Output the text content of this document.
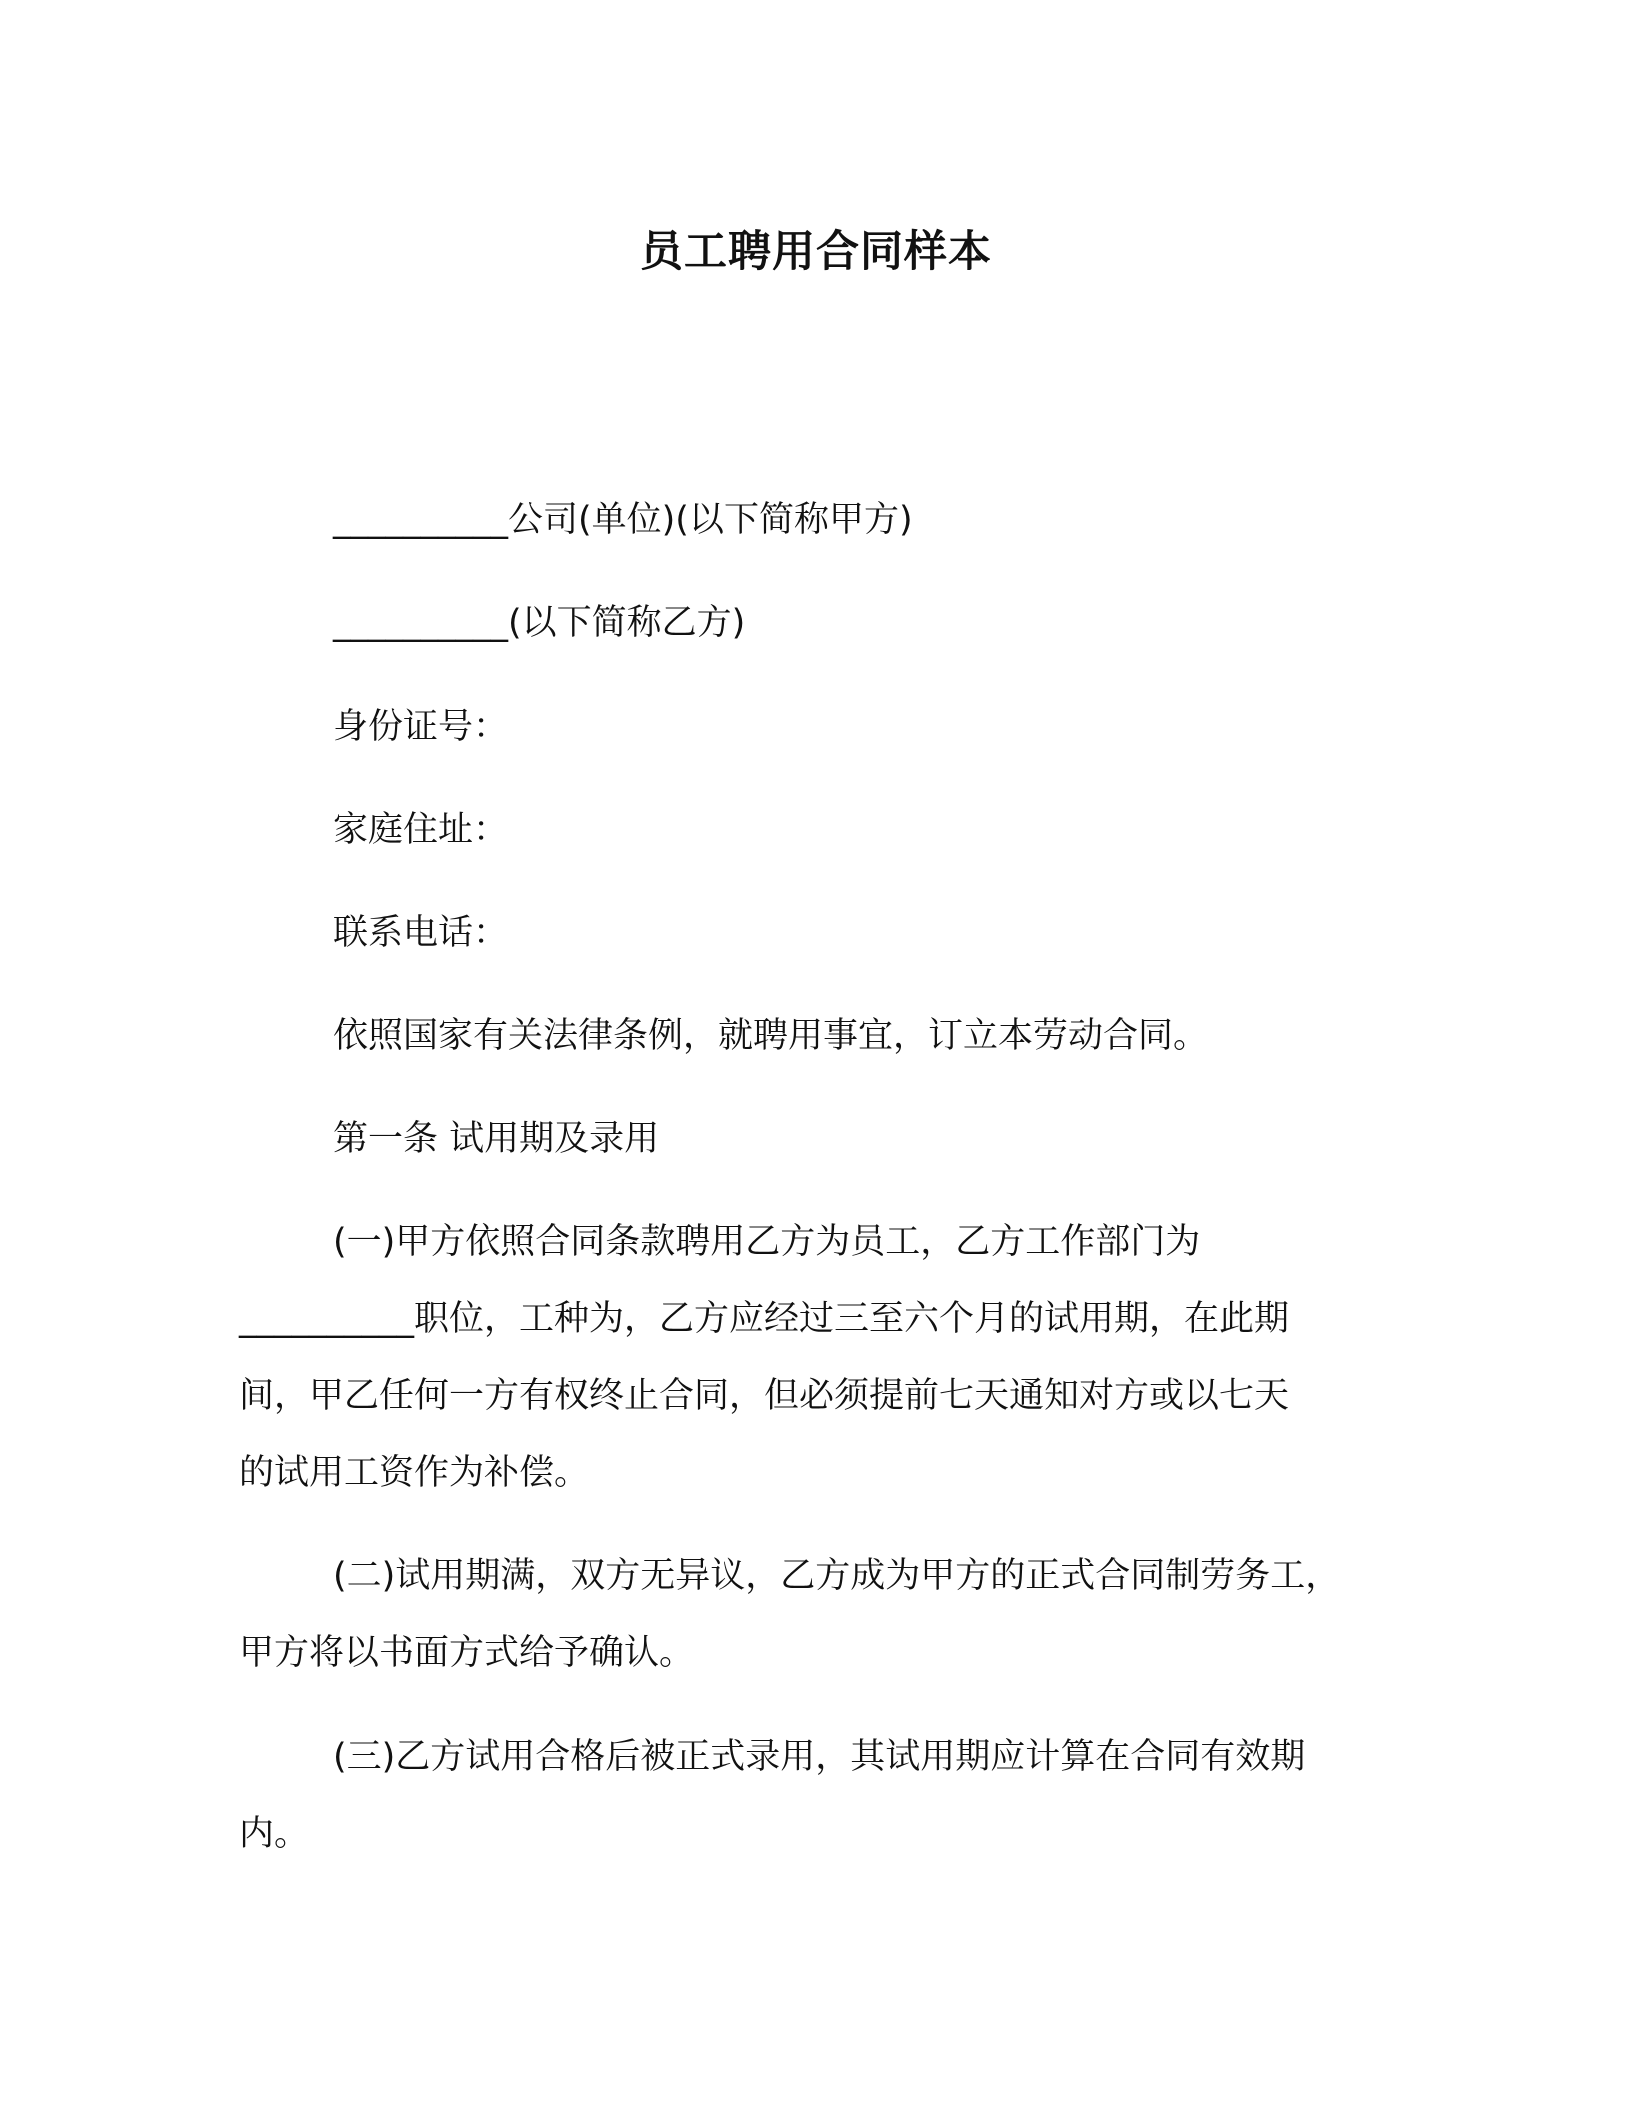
员工聘用合同样本

__________公司(单位)(以下简称甲方)

__________(以下简称乙方)

身份证号：

家庭住址：

联系电话：

依照国家有关法律条例，就聘用事宜，订立本劳动合同。

第一条 试用期及录用

(一)甲方依照合同条款聘用乙方为员工，乙方工作部门为

__________职位，工种为，乙方应经过三至六个月的试用期，在此期

间，甲乙任何一方有权终止合同，但必须提前七天通知对方或以七天

的试用工资作为补偿。

(二)试用期满，双方无异议，乙方成为甲方的正式合同制劳务工，

甲方将以书面方式给予确认。

(三)乙方试用合格后被正式录用，其试用期应计算在合同有效期

内。
